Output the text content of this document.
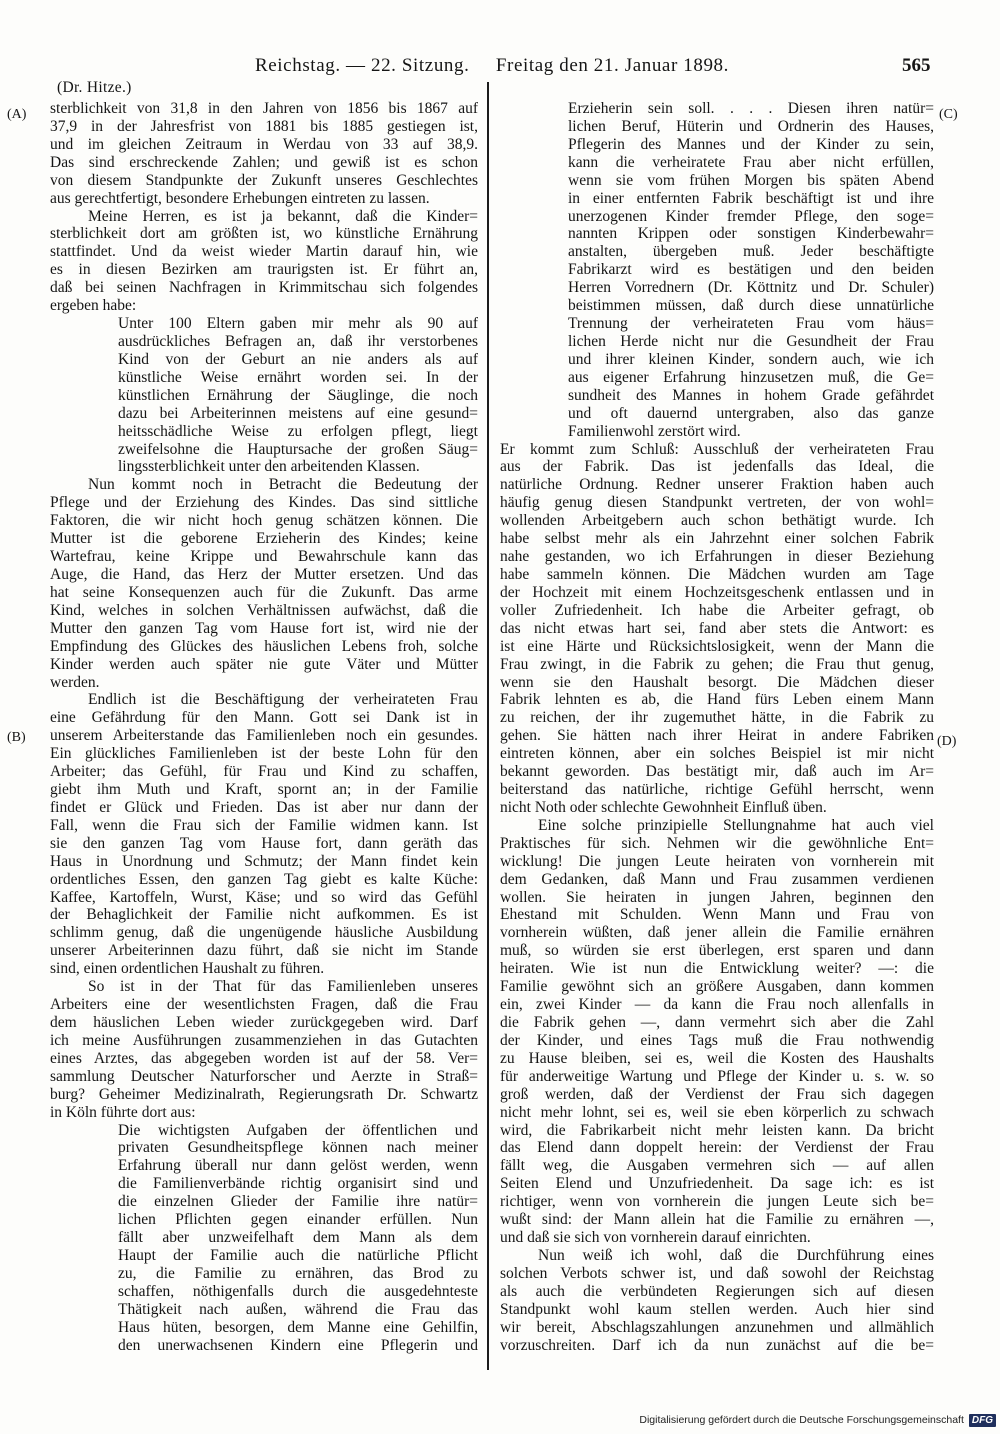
Reichstag. — 22. Sitzung. Freitag den 21. Januar 1898.	565
(Dr. Hitze.)
(A)
(B)
(C)
(D)
sterblichkeit von 31,8 in den Jahren von 1856 bis 1867 auf
37,9 in der Jahresfrist von 1881 bis 1885 gestiegen ist,
und im gleichen Zeitraum in Werdau von 33 auf 38,9.
Das sind erschreckende Zahlen; und gewiß ist es schon
von diesem Standpunkte der Zukunft unseres Geschlechtes
aus gerechtfertigt, besondere Erhebungen eintreten zu lassen.
Meine Herren, es ist ja bekannt, daß die Kinder=
sterblichkeit dort am größten ist, wo künstliche Ernährung
stattfindet. Und da weist wieder Martin darauf hin, wie
es in diesen Bezirken am traurigsten ist. Er führt an,
daß bei seinen Nachfragen in Krimmitschau sich folgendes
ergeben habe:
Unter 100 Eltern gaben mir mehr als 90 auf
ausdrückliches Befragen an, daß ihr verstorbenes
Kind von der Geburt an nie anders als auf
künstliche Weise ernährt worden sei. In der
künstlichen Ernährung der Säuglinge, die noch
dazu bei Arbeiterinnen meistens auf eine gesund=
heitsschädliche Weise zu erfolgen pflegt, liegt
zweifelsohne die Hauptursache der großen Säug=
lingssterblichkeit unter den arbeitenden Klassen.
Nun kommt noch in Betracht die Bedeutung der
Pflege und der Erziehung des Kindes. Das sind sittliche
Faktoren, die wir nicht hoch genug schätzen können. Die
Mutter ist die geborene Erzieherin des Kindes; keine
Wartefrau, keine Krippe und Bewahrschule kann das
Auge, die Hand, das Herz der Mutter ersetzen. Und das
hat seine Konsequenzen auch für die Zukunft. Das arme
Kind, welches in solchen Verhältnissen aufwächst, daß die
Mutter den ganzen Tag vom Hause fort ist, wird nie der
Empfindung des Glückes des häuslichen Lebens froh, solche
Kinder werden auch später nie gute Väter und Mütter
werden.
Endlich ist die Beschäftigung der verheirateten Frau
eine Gefährdung für den Mann. Gott sei Dank ist in
unserem Arbeiterstande das Familienleben noch ein gesundes.
Ein glückliches Familienleben ist der beste Lohn für den
Arbeiter; das Gefühl, für Frau und Kind zu schaffen,
giebt ihm Muth und Kraft, spornt an; in der Familie
findet er Glück und Frieden. Das ist aber nur dann der
Fall, wenn die Frau sich der Familie widmen kann. Ist
sie den ganzen Tag vom Hause fort, dann geräth das
Haus in Unordnung und Schmutz; der Mann findet kein
ordentliches Essen, den ganzen Tag giebt es kalte Küche:
Kaffee, Kartoffeln, Wurst, Käse; und so wird das Gefühl
der Behaglichkeit der Familie nicht aufkommen. Es ist
schlimm genug, daß die ungenügende häusliche Ausbildung
unserer Arbeiterinnen dazu führt, daß sie nicht im Stande
sind, einen ordentlichen Haushalt zu führen.
So ist in der That für das Familienleben unseres
Arbeiters eine der wesentlichsten Fragen, daß die Frau
dem häuslichen Leben wieder zurückgegeben wird. Darf
ich meine Ausführungen zusammenziehen in das Gutachten
eines Arztes, das abgegeben worden ist auf der 58. Ver=
sammlung Deutscher Naturforscher und Aerzte in Straß=
burg? Geheimer Medizinalrath, Regierungsrath Dr. Schwartz
in Köln führte dort aus:
Die wichtigsten Aufgaben der öffentlichen und
privaten Gesundheitspflege können nach meiner
Erfahrung überall nur dann gelöst werden, wenn
die Familienverbände richtig organisirt sind und
die einzelnen Glieder der Familie ihre natür=
lichen Pflichten gegen einander erfüllen. Nun
fällt aber unzweifelhaft dem Mann als dem
Haupt der Familie auch die natürliche Pflicht
zu, die Familie zu ernähren, das Brod zu
schaffen, nöthigenfalls durch die ausgedehnteste
Thätigkeit nach außen, während die Frau das
Haus hüten, besorgen, dem Manne eine Gehilfin,
den unerwachsenen Kindern eine Pflegerin und
Erzieherin sein soll. . . . Diesen ihren natür=
lichen Beruf, Hüterin und Ordnerin des Hauses,
Pflegerin des Mannes und der Kinder zu sein,
kann die verheiratete Frau aber nicht erfüllen,
wenn sie vom frühen Morgen bis späten Abend
in einer entfernten Fabrik beschäftigt ist und ihre
unerzogenen Kinder fremder Pflege, den soge=
nannten Krippen oder sonstigen Kinderbewahr=
anstalten, übergeben muß. Jeder beschäftigte
Fabrikarzt wird es bestätigen und den beiden
Herren Vorrednern (Dr. Köttnitz und Dr. Schuler)
beistimmen müssen, daß durch diese unnatürliche
Trennung der verheirateten Frau vom häus=
lichen Herde nicht nur die Gesundheit der Frau
und ihrer kleinen Kinder, sondern auch, wie ich
aus eigener Erfahrung hinzusetzen muß, die Ge=
sundheit des Mannes in hohem Grade gefährdet
und oft dauernd untergraben, also das ganze
Familienwohl zerstört wird.
Er kommt zum Schluß: Ausschluß der verheirateten Frau
aus der Fabrik. Das ist jedenfalls das Ideal, die
natürliche Ordnung. Redner unserer Fraktion haben auch
häufig genug diesen Standpunkt vertreten, der von wohl=
wollenden Arbeitgebern auch schon bethätigt wurde. Ich
habe selbst mehr als ein Jahrzehnt einer solchen Fabrik
nahe gestanden, wo ich Erfahrungen in dieser Beziehung
habe sammeln können. Die Mädchen wurden am Tage
der Hochzeit mit einem Hochzeitsgeschenk entlassen und in
voller Zufriedenheit. Ich habe die Arbeiter gefragt, ob
das nicht etwas hart sei, fand aber stets die Antwort: es
ist eine Härte und Rücksichtslosigkeit, wenn der Mann die
Frau zwingt, in die Fabrik zu gehen; die Frau thut genug,
wenn sie den Haushalt besorgt. Die Mädchen dieser
Fabrik lehnten es ab, die Hand fürs Leben einem Mann
zu reichen, der ihr zugemuthet hätte, in die Fabrik zu
gehen. Sie hätten nach ihrer Heirat in andere Fabriken
eintreten können, aber ein solches Beispiel ist mir nicht
bekannt geworden. Das bestätigt mir, daß auch im Ar=
beiterstand das natürliche, richtige Gefühl herrscht, wenn
nicht Noth oder schlechte Gewohnheit Einfluß üben.
Eine solche prinzipielle Stellungnahme hat auch viel
Praktisches für sich. Nehmen wir die gewöhnliche Ent=
wicklung! Die jungen Leute heiraten von vornherein mit
dem Gedanken, daß Mann und Frau zusammen verdienen
wollen. Sie heiraten in jungen Jahren, beginnen den
Ehestand mit Schulden. Wenn Mann und Frau von
vornherein wüßten, daß jener allein die Familie ernähren
muß, so würden sie erst überlegen, erst sparen und dann
heiraten. Wie ist nun die Entwicklung weiter? —: die
Familie gewöhnt sich an größere Ausgaben, dann kommen
ein, zwei Kinder — da kann die Frau noch allenfalls in
die Fabrik gehen —, dann vermehrt sich aber die Zahl
der Kinder, und eines Tags muß die Frau nothwendig
zu Hause bleiben, sei es, weil die Kosten des Haushalts
für anderweitige Wartung und Pflege der Kinder u. s. w. so
groß werden, daß der Verdienst der Frau sich dagegen
nicht mehr lohnt, sei es, weil sie eben körperlich zu schwach
wird, die Fabrikarbeit nicht mehr leisten kann. Da bricht
das Elend dann doppelt herein: der Verdienst der Frau
fällt weg, die Ausgaben vermehren sich — auf allen
Seiten Elend und Unzufriedenheit. Da sage ich: es ist
richtiger, wenn von vornherein die jungen Leute sich be=
wußt sind: der Mann allein hat die Familie zu ernähren —,
und daß sie sich von vornherein darauf einrichten.
Nun weiß ich wohl, daß die Durchführung eines
solchen Verbots schwer ist, und daß sowohl der Reichstag
als auch die verbündeten Regierungen sich auf diesen
Standpunkt wohl kaum stellen werden. Auch hier sind
wir bereit, Abschlagszahlungen anzunehmen und allmählich
vorzuschreiten. Darf ich da nun zunächst auf die be=
Digitalisierung gefördert durch die Deutsche Forschungsgemeinschaft DFG
